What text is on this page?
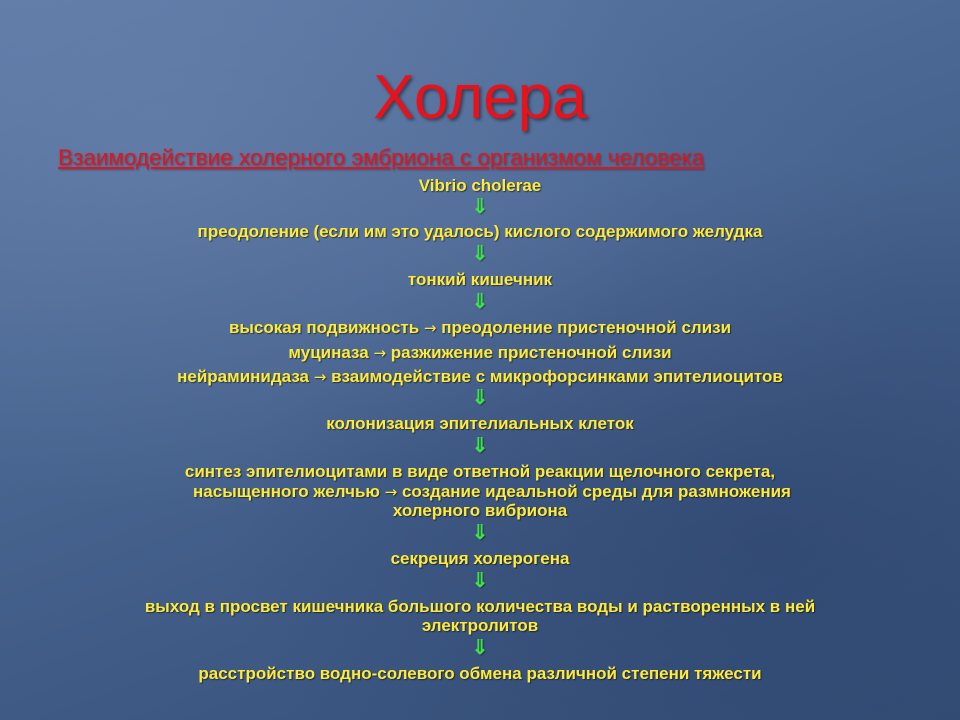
Холера
Взаимодействие холерного эмбриона с организмом человека
Vibrio cholerae
⇓
преодоление (если им это удалось) кислого содержимого желудка
⇓
тонкий кишечник
⇓
высокая подвижность → преодоление пристеночной слизи
муциназа → разжижение пристеночной слизи
нейраминидаза → взаимодействие с микрофорсинками эпителиоцитов
⇓
колонизация эпителиальных клеток
⇓
синтез эпителиоцитами в виде ответной реакции щелочного секрета,
насыщенного желчью → создание идеальной среды для размножения
холерного вибриона
⇓
секреция холерогена
⇓
выход в просвет кишечника большого количества воды и растворенных в ней
электролитов
⇓
расстройство водно-солевого обмена различной степени тяжести
